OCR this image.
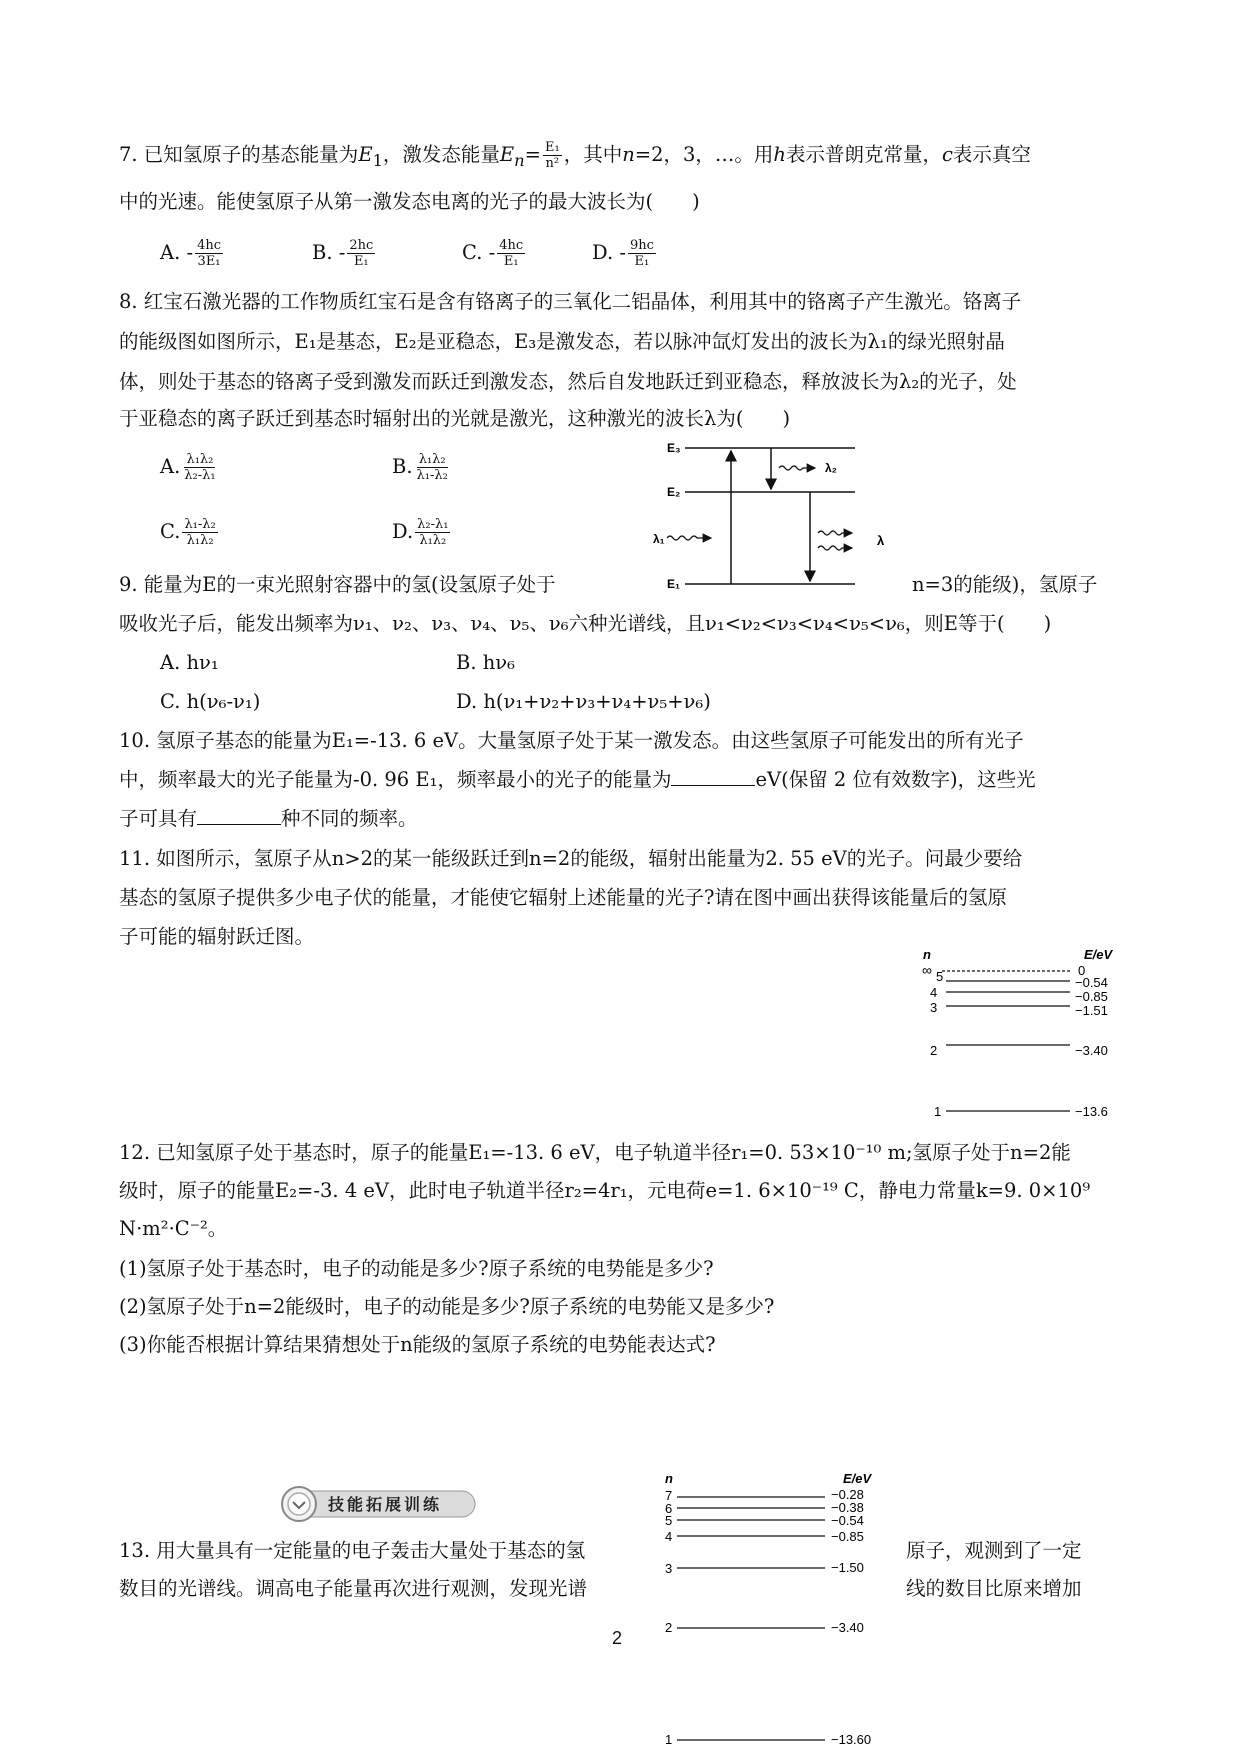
7. 已知氢原子的基态能量为$E_1$，激发态能量$E_n= \frac{\text{E₁}}{\text{n²}}$ ，其中n=2，3，…。用h表示普朗克常量，c表示真空
中的光速。能使氢原子从第一激发态电离的光子的最大波长为(　　)
A. - $\frac{4hc}{\text{3E₁}}$	B. - $\frac{2hc}{\text{E₁}}$	C. - $\frac{4hc}{\text{E₁}}$	D. - $\frac{9hc}{\text{E₁}}$
8. 红宝石激光器的工作物质红宝石是含有铬离子的三氧化二铝晶体，利用其中的铬离子产生激光。铬离子
的能级图如图所示，E₁是基态，E₂是亚稳态，E₃是激发态，若以脉冲氙灯发出的波长为λ₁的绿光照射晶
体，则处于基态的铬离子受到激发而跃迁到激发态，然后自发地跃迁到亚稳态，释放波长为λ₂的光子，处
于亚稳态的离子跃迁到基态时辐射出的光就是激光，这种激光的波长λ为(　　)
A. $\frac{\text{λ₁λ₂}}{\text{λ₂-λ₁}}$	B. $\frac{\text{λ₁λ₂}}{\text{λ₁-λ₂}}$
C. $\frac{\text{λ₁-λ₂}}{\text{λ₁λ₂}}$	D. $\frac{\text{λ₂-λ₁}}{\text{λ₁λ₂}}$
E₃
E₂
E₁
λ₁
λ₂
λ
9. 能量为E的一束光照射容器中的氢(设氢原子处于	n=3的能级)，氢原子
吸收光子后，能发出频率为ν₁、ν₂、ν₃、ν₄、ν₅、ν₆六种光谱线，且ν₁<ν₂<ν₃<ν₄<ν₅<ν₆，则E等于(　　)
A. hν₁	B. hν₆
C. h(ν₆-ν₁)	D. h(ν₁+ν₂+ν₃+ν₄+ν₅+ν₆)
10. 氢原子基态的能量为E₁=-13. 6 eV。大量氢原子处于某一激发态。由这些氢原子可能发出的所有光子
中，频率最大的光子能量为-0. 96 E₁，频率最小的光子的能量为	eV(保留 2 位有效数字)，这些光
子可具有	种不同的频率。
11. 如图所示，氢原子从n>2的某一能级跃迁到n=2的能级，辐射出能量为2. 55 eV的光子。问最少要给
基态的氢原子提供多少电子伏的能量，才能使它辐射上述能量的光子?请在图中画出获得该能量后的氢原
子可能的辐射跃迁图。
n	E/eV
∞	0
5	−0.54
4	−0.85
3	−1.51
2	−3.40
1	−13.6
12. 已知氢原子处于基态时，原子的能量E₁=-13. 6 eV，电子轨道半径r₁=0. 53×10⁻¹⁰ m;氢原子处于n=2能
级时，原子的能量E₂=-3. 4 eV，此时电子轨道半径r₂=4r₁，元电荷e=1. 6×10⁻¹⁹ C，静电力常量k=9. 0×10⁹
N·m²·C⁻²。
(1)氢原子处于基态时，电子的动能是多少?原子系统的电势能是多少?
(2)氢原子处于n=2能级时，电子的动能是多少?原子系统的电势能又是多少?
(3)你能否根据计算结果猜想处于n能级的氢原子系统的电势能表达式?
技能拓展训练
13. 用大量具有一定能量的电子轰击大量处于基态的氢	原子，观测到了一定
数目的光谱线。调高电子能量再次进行观测，发现光谱	线的数目比原来增加
n	E/eV
7	−0.28
6	−0.38
5	−0.54
4	−0.85
3	−1.50
2	−3.40
1	−13.60
2
